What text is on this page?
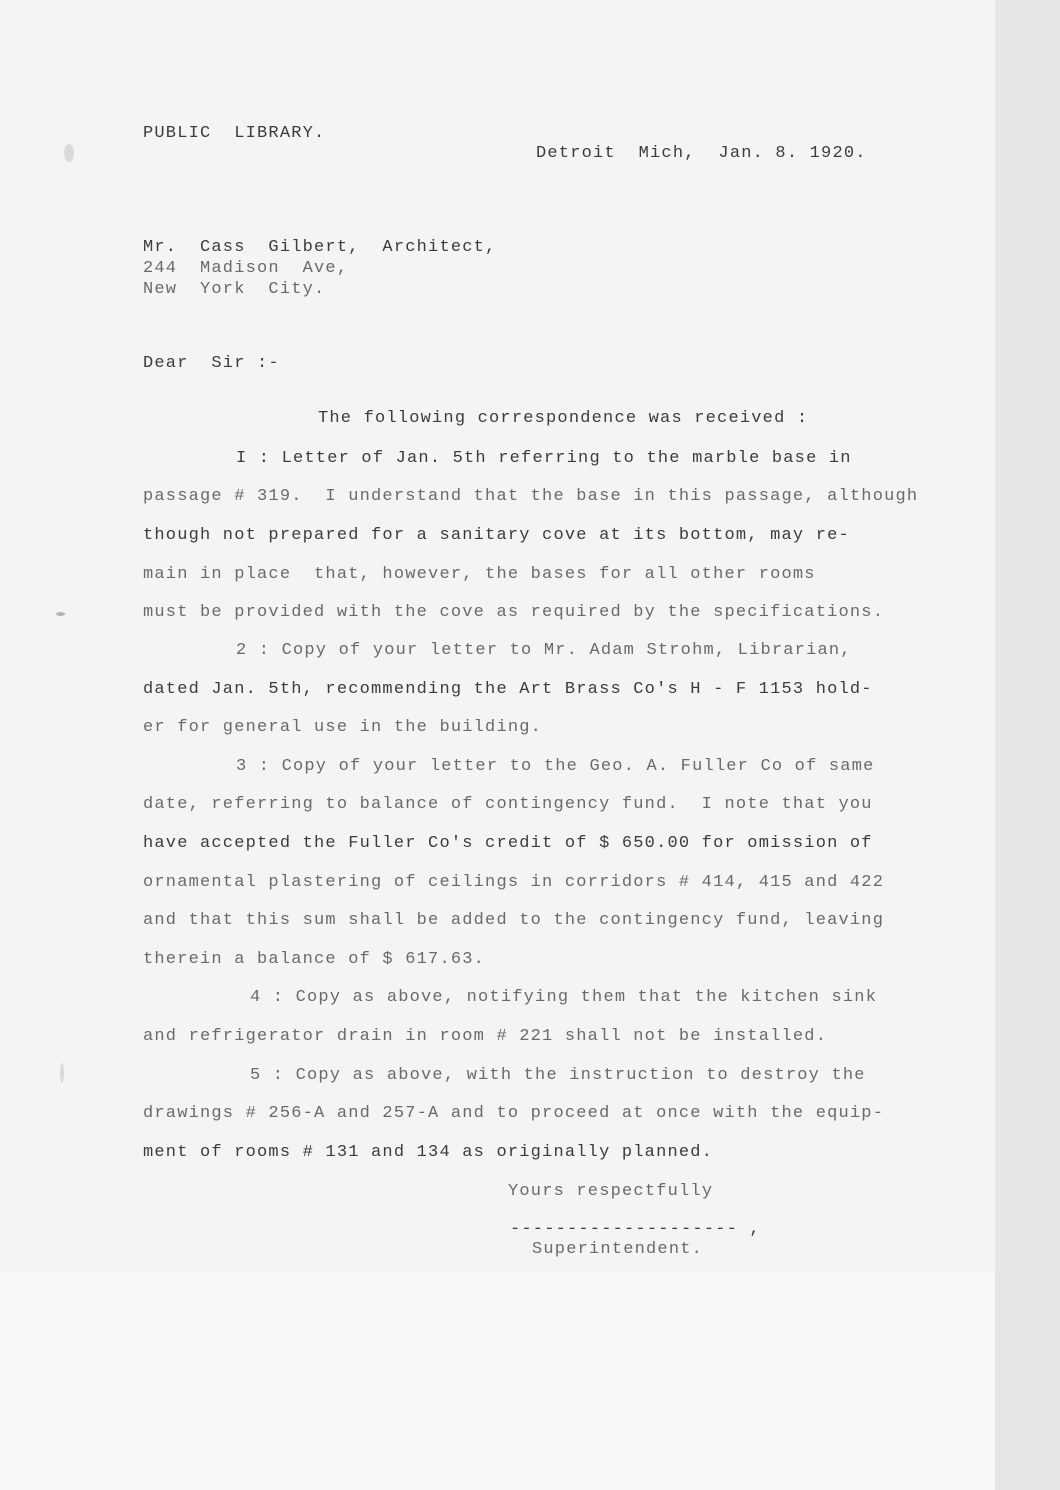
PUBLIC  LIBRARY.
Detroit  Mich,  Jan. 8. 1920.
Mr.  Cass  Gilbert,  Architect,
244  Madison  Ave,
New  York  City.
Dear  Sir :-
The following correspondence was received :
I : Letter of Jan. 5th referring to the marble base in
passage # 319.  I understand that the base in this passage, although
though not prepared for a sanitary cove at its bottom, may re-
main in place  that, however, the bases for all other rooms
must be provided with the cove as required by the specifications.
2 : Copy of your letter to Mr. Adam Strohm, Librarian,
dated Jan. 5th, recommending the Art Brass Co's H - F 1153 hold-
er for general use in the building.
3 : Copy of your letter to the Geo. A. Fuller Co of same
date, referring to balance of contingency fund.  I note that you
have accepted the Fuller Co's credit of $ 650.00 for omission of
ornamental plastering of ceilings in corridors # 414, 415 and 422
and that this sum shall be added to the contingency fund, leaving
therein a balance of $ 617.63.
4 : Copy as above, notifying them that the kitchen sink
and refrigerator drain in room # 221 shall not be installed.
5 : Copy as above, with the instruction to destroy the
drawings # 256-A and 257-A and to proceed at once with the equip-
ment of rooms # 131 and 134 as originally planned.
Yours respectfully
-------------------- ,
Superintendent.
